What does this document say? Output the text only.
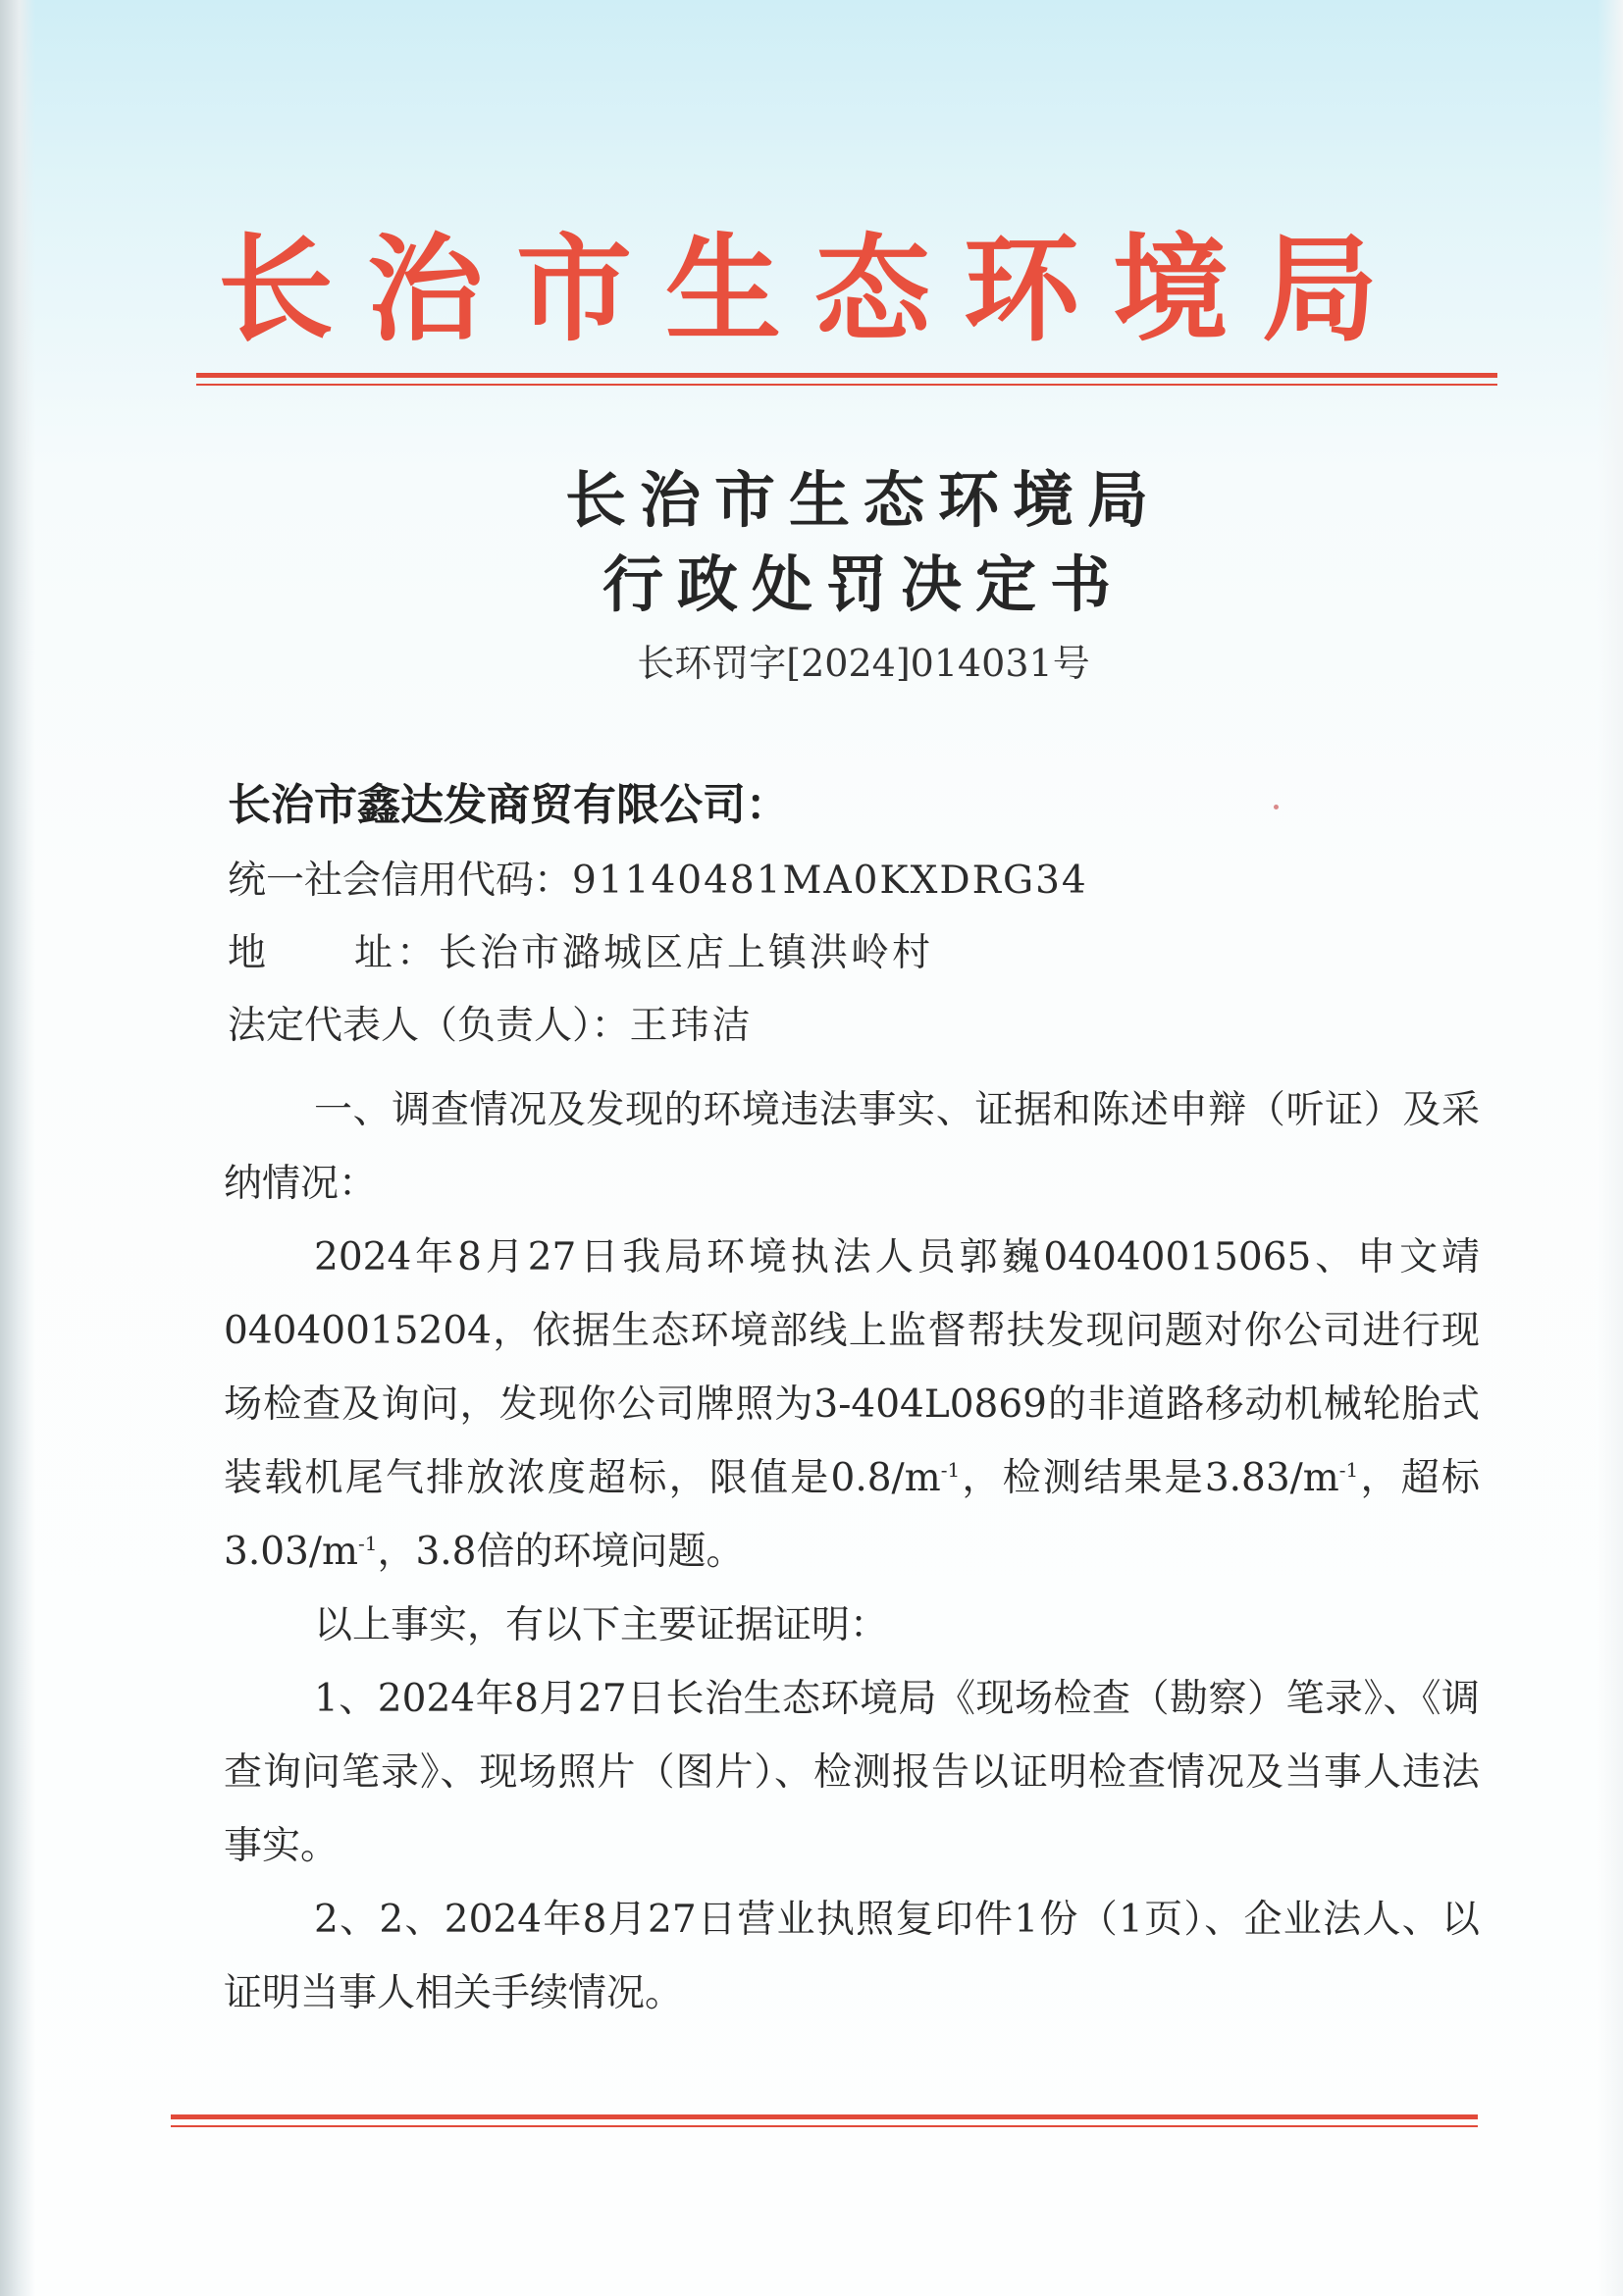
长治市生态环境局
长治市生态环境局
行政处罚决定书
长环罚字[2024]014031号
长治市鑫达发商贸有限公司：
统一社会信用代码：91140481MA0KXDRG34
地　　址：长治市潞城区店上镇洪岭村
法定代表人（负责人）：王玮洁

一、调查情况及发现的环境违法事实、证据和陈述申辩（听证）及采纳情况：

2024年8月27日我局环境执法人员郭巍04040015065、申文靖04040015204，依据生态环境部线上监督帮扶发现问题对你公司进行现场检查及询问，发现你公司牌照为3-404L0869的非道路移动机械轮胎式装载机尾气排放浓度超标，限值是$0.8/m^{-1}$，检测结果是$3.83/m^{-1}$，超标$3.03/m^{-1}$，3.8倍的环境问题。

以上事实，有以下主要证据证明：

1、2024年8月27日长治生态环境局《现场检查（勘察）笔录》、《调查询问笔录》、现场照片（图片）、检测报告以证明检查情况及当事人违法事实。

2、2、2024年8月27日营业执照复印件1份（1页）、企业法人、以证明当事人相关手续情况。
